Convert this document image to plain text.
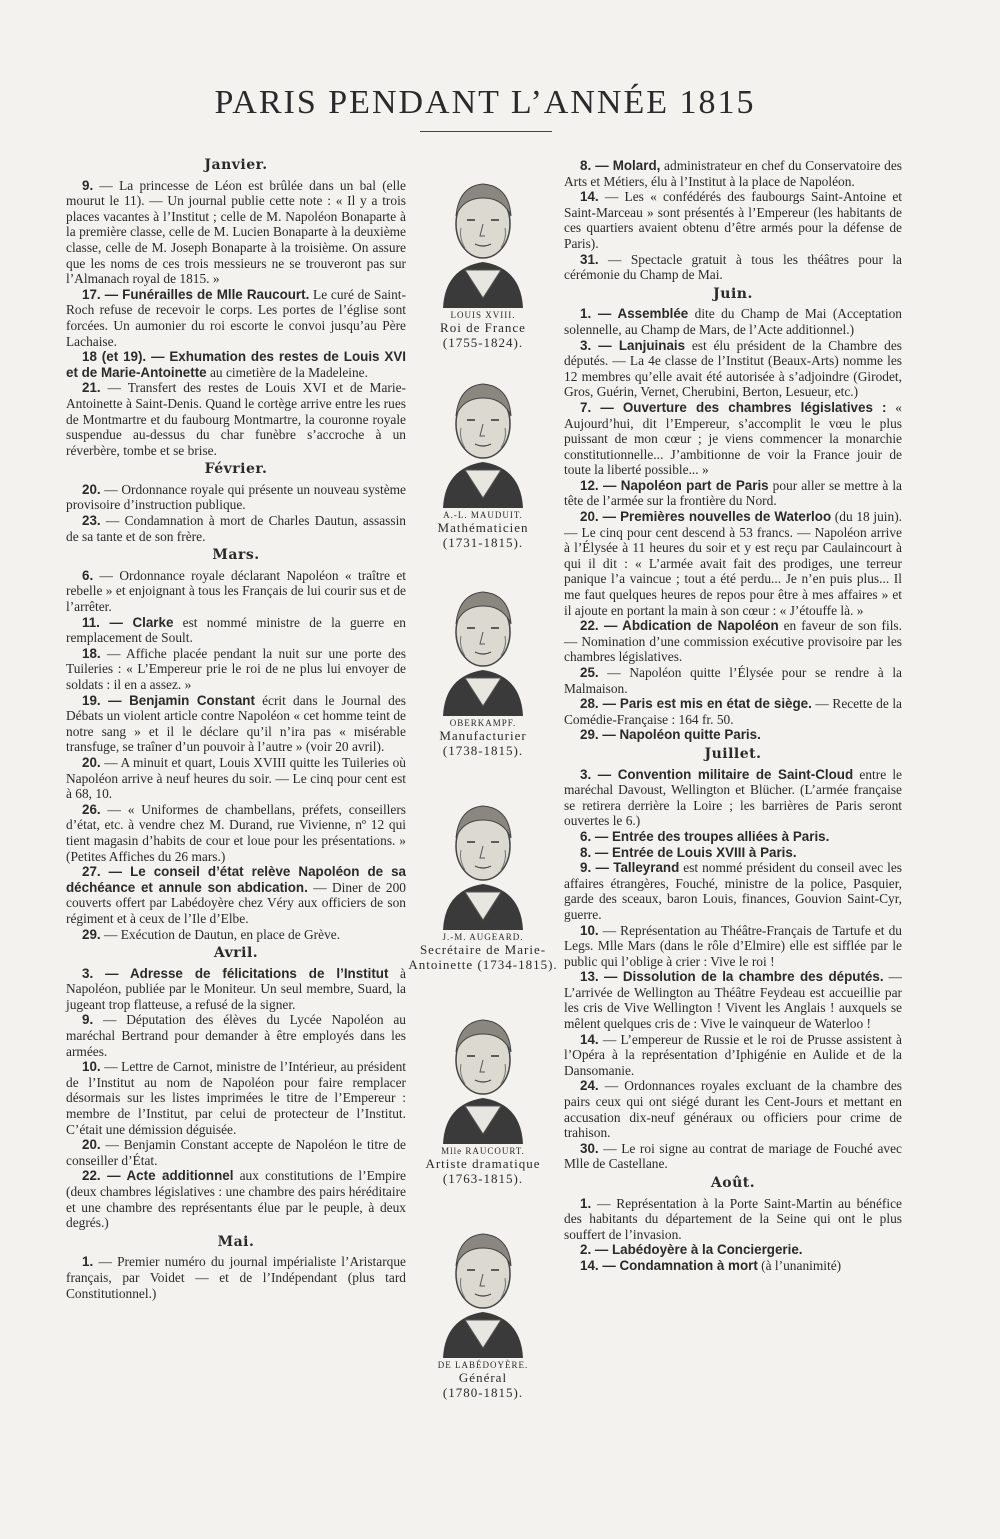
PARIS PENDANT L’ANNÉE 1815
Janvier.

9. — La princesse de Léon est brûlée dans un bal (elle mourut le 11). — Un journal publie cette note : « Il y a trois places vacantes à l’Institut ; celle de M. Napoléon Bonaparte à la première classe, celle de M. Lucien Bonaparte à la deuxième classe, celle de M. Joseph Bonaparte à la troisième. On assure que les noms de ces trois messieurs ne se trouveront pas sur l’Almanach royal de 1815. »

17. — Funérailles de Mlle Raucourt. Le curé de Saint-Roch refuse de recevoir le corps. Les portes de l’église sont forcées. Un aumonier du roi escorte le convoi jusqu’au Père Lachaise.

18 (et 19). — Exhumation des restes de Louis XVI et de Marie-Antoinette au cimetière de la Madeleine.

21. — Transfert des restes de Louis XVI et de Marie-Antoinette à Saint-Denis. Quand le cortège arrive entre les rues de Montmartre et du faubourg Montmartre, la couronne royale suspendue au-dessus du char funèbre s’accroche à un réverbère, tombe et se brise.

Février.

20. — Ordonnance royale qui présente un nouveau système provisoire d’instruction publique.

23. — Condamnation à mort de Charles Dautun, assassin de sa tante et de son frère.

Mars.

6. — Ordonnance royale déclarant Napoléon « traître et rebelle » et enjoignant à tous les Français de lui courir sus et de l’arrêter.

11. — Clarke est nommé ministre de la guerre en remplacement de Soult.

18. — Affiche placée pendant la nuit sur une porte des Tuileries : « L’Empereur prie le roi de ne plus lui envoyer de soldats : il en a assez. »

19. — Benjamin Constant écrit dans le Journal des Débats un violent article contre Napoléon « cet homme teint de notre sang » et il le déclare qu’il n’ira pas « misérable transfuge, se traîner d’un pouvoir à l’autre » (voir 20 avril).

20. — A minuit et quart, Louis XVIII quitte les Tuileries où Napoléon arrive à neuf heures du soir. — Le cinq pour cent est à 68, 10.

26. — « Uniformes de chambellans, préfets, conseillers d’état, etc. à vendre chez M. Durand, rue Vivienne, nº 12 qui tient magasin d’habits de cour et loue pour les présentations. » (Petites Affiches du 26 mars.)

27. — Le conseil d’état relève Napoléon de sa déchéance et annule son abdication. — Diner de 200 couverts offert par Labédoyère chez Véry aux officiers de son régiment et à ceux de l’Ile d’Elbe.

29. — Exécution de Dautun, en place de Grève.

Avril.

3. — Adresse de félicitations de l’Institut à Napoléon, publiée par le Moniteur. Un seul membre, Suard, la jugeant trop flatteuse, a refusé de la signer.

9. — Députation des élèves du Lycée Napoléon au maréchal Bertrand pour demander à être employés dans les armées.

10. — Lettre de Carnot, ministre de l’Intérieur, au président de l’Institut au nom de Napoléon pour faire remplacer désormais sur les listes imprimées le titre de l’Empereur : membre de l’Institut, par celui de protecteur de l’Institut. C’était une démission déguisée.

20. — Benjamin Constant accepte de Napoléon le titre de conseiller d’État.

22. — Acte additionnel aux constitutions de l’Empire (deux chambres législatives : une chambre des pairs héréditaire et une chambre des représentants élue par le peuple, à deux degrés.)

Mai.

1. — Premier numéro du journal impérialiste l’Aristarque français, par Voidet — et de l’Indépendant (plus tard Constitutionnel.)

LOUIS XVIII.
Roi de France
(1755-1824).
A.-L. MAUDUIT.
Mathématicien
(1731-1815).
OBERKAMPF.
Manufacturier
(1738-1815).
J.-M. AUGEARD.
Secrétaire de Marie-
Antoinette (1734-1815).
Mlle RAUCOURT.
Artiste dramatique
(1763-1815).
DE LABÉDOYÈRE.
Général
(1780-1815).

8. — Molard, administrateur en chef du Conservatoire des Arts et Métiers, élu à l’Institut à la place de Napoléon.

14. — Les « confédérés des faubourgs Saint-Antoine et Saint-Marceau » sont présentés à l’Empereur (les habitants de ces quartiers avaient obtenu d’être armés pour la défense de Paris).

31. — Spectacle gratuit à tous les théâtres pour la cérémonie du Champ de Mai.

Juin.

1. — Assemblée dite du Champ de Mai (Acceptation solennelle, au Champ de Mars, de l’Acte additionnel.)

3. — Lanjuinais est élu président de la Chambre des députés. — La 4e classe de l’Institut (Beaux-Arts) nomme les 12 membres qu’elle avait été autorisée à s’adjoindre (Girodet, Gros, Guérin, Vernet, Cherubini, Berton, Lesueur, etc.)

7. — Ouverture des chambres législatives : « Aujourd’hui, dit l’Empereur, s’accomplit le vœu le plus puissant de mon cœur ; je viens commencer la monarchie constitutionnelle... J’ambitionne de voir la France jouir de toute la liberté possible... »

12. — Napoléon part de Paris pour aller se mettre à la tête de l’armée sur la frontière du Nord.

20. — Premières nouvelles de Waterloo (du 18 juin). — Le cinq pour cent descend à 53 francs. — Napoléon arrive à l’Élysée à 11 heures du soir et y est reçu par Caulaincourt à qui il dit : « L’armée avait fait des prodiges, une terreur panique l’a vaincue ; tout a été perdu... Je n’en puis plus... Il me faut quelques heures de repos pour être à mes affaires » et il ajoute en portant la main à son cœur : « J’étouffe là. »

22. — Abdication de Napoléon en faveur de son fils. — Nomination d’une commission exécutive provisoire par les chambres législatives.

25. — Napoléon quitte l’Élysée pour se rendre à la Malmaison.

28. — Paris est mis en état de siège. — Recette de la Comédie-Française : 164 fr. 50.

29. — Napoléon quitte Paris.

Juillet.

3. — Convention militaire de Saint-Cloud entre le maréchal Davoust, Wellington et Blücher. (L’armée française se retirera derrière la Loire ; les barrières de Paris seront ouvertes le 6.)

6. — Entrée des troupes alliées à Paris.

8. — Entrée de Louis XVIII à Paris.

9. — Talleyrand est nommé président du conseil avec les affaires étrangères, Fouché, ministre de la police, Pasquier, garde des sceaux, baron Louis, finances, Gouvion Saint-Cyr, guerre.

10. — Représentation au Théâtre-Français de Tartufe et du Legs. Mlle Mars (dans le rôle d’Elmire) elle est sifflée par le public qui l’oblige à crier : Vive le roi !

13. — Dissolution de la chambre des députés. — L’arrivée de Wellington au Théâtre Feydeau est accueillie par les cris de Vive Wellington ! Vivent les Anglais ! auxquels se mêlent quelques cris de : Vive le vainqueur de Waterloo !

14. — L’empereur de Russie et le roi de Prusse assistent à l’Opéra à la représentation d’Iphigénie en Aulide et de la Dansomanie.

24. — Ordonnances royales excluant de la chambre des pairs ceux qui ont siégé durant les Cent-Jours et mettant en accusation dix-neuf généraux ou officiers pour crime de trahison.

30. — Le roi signe au contrat de mariage de Fouché avec Mlle de Castellane.

Août.

1. — Représentation à la Porte Saint-Martin au bénéfice des habitants du département de la Seine qui ont le plus souffert de l’invasion.

2. — Labédoyère à la Conciergerie.

14. — Condamnation à mort (à l’unanimité)
